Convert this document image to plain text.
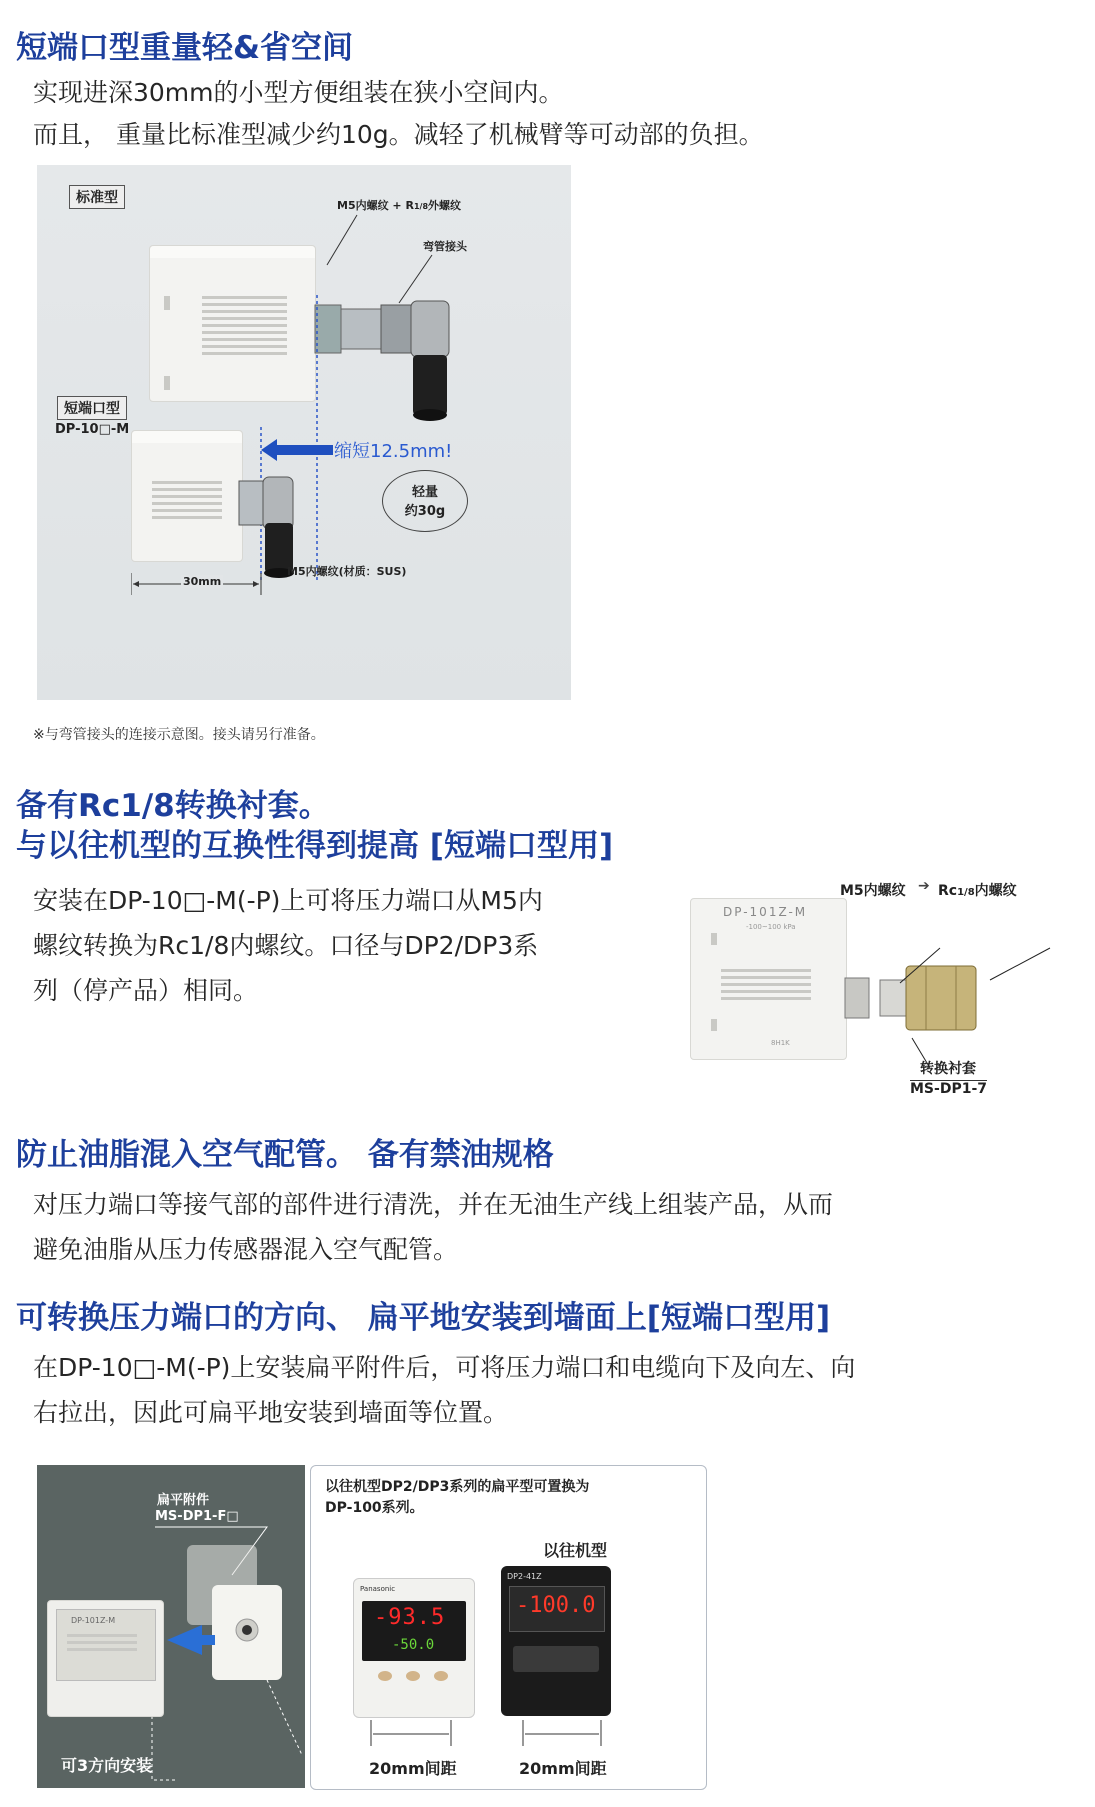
短端口型重量轻&省空间

实现进深30mm的小型方便组装在狭小空间内。

而且， 重量比标准型减少约10g。减轻了机械臂等可动部的负担。

标准型	M5内螺纹 + R1/8外螺纹
弯管接头
短端口型
DP-10□-M
缩短12.5mm!
轻量
约30g
M5内螺纹(材质：SUS)
30mm
※与弯管接头的连接示意图。接头请另行准备。
备有Rc1/8转换衬套。
与以往机型的互换性得到提高 [短端口型用]

安装在DP-10□-M(-P)上可将压力端口从M5内

螺纹转换为Rc1/8内螺纹。口径与DP2/DP3系

列（停产品）相同。

DP-101Z-M
-100~100 kPa
8H1K
M5内螺纹 ➔ Rc1/8内螺纹
转换衬套
MS-DP1-7
防止油脂混入空气配管。 备有禁油规格

对压力端口等接气部的部件进行清洗，并在无油生产线上组装产品，从而

避免油脂从压力传感器混入空气配管。

可转换压力端口的方向、 扁平地安装到墙面上[短端口型用]

在DP-10□-M(-P)上安装扁平附件后，可将压力端口和电缆向下及向左、向

右拉出，因此可扁平地安装到墙面等位置。

扁平附件
MS-DP1-F□
DP-101Z-M
可3方向安装
以往机型DP2/DP3系列的扁平型可置换为
DP-100系列。
以往机型
Panasonic
-93.5
-50.0
DP2-41Z
-100.0
20mm间距	20mm间距
